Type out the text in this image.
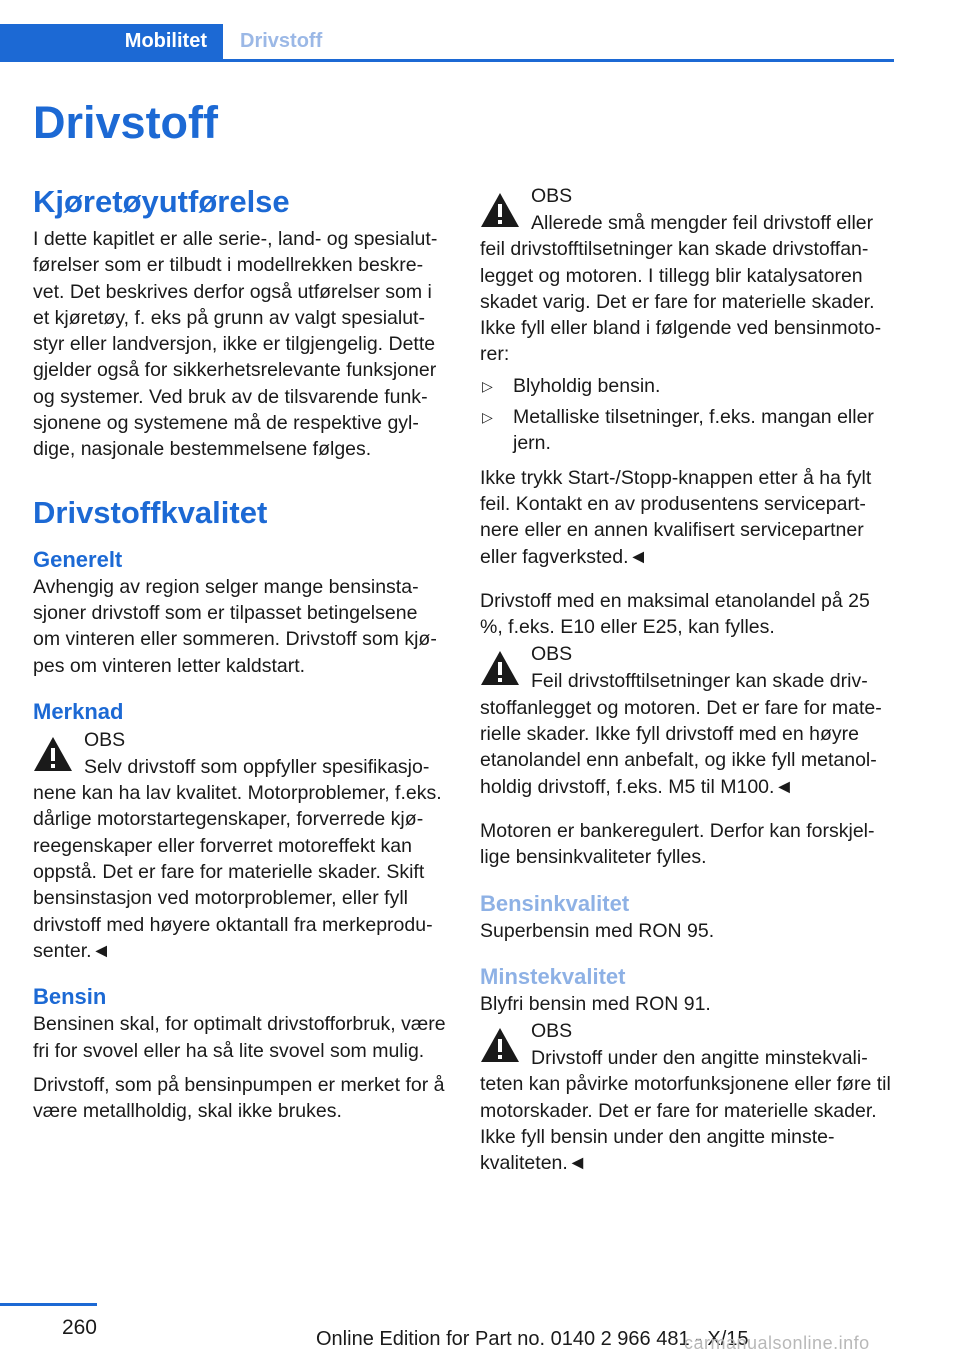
Mobilitet	Drivstoff
Drivstoff
Kjøretøyutførelse

I dette kapitlet er alle serie-, land- og spesialutførelser som er tilbudt i modellrekken beskrevet. Det beskrives derfor også utførelser som i et kjøretøy, f. eks på grunn av valgt spesialutstyr eller landversjon, ikke er tilgjengelig. Dette gjelder også for sikkerhetsrelevante funksjoner og systemer. Ved bruk av de tilsvarende funksjonene og systemene må de respektive gyldige, nasjonale bestemmelsene følges.

Drivstoffkvalitet
Generelt

Avhengig av region selger mange bensinstasjoner drivstoff som er tilpasset betingelsene om vinteren eller sommeren. Drivstoff som kjøpes om vinteren letter kaldstart.

Merknad
OBS

Selv drivstoff som oppfyller spesifikasjonene kan ha lav kvalitet. Motorproblemer, f.eks. dårlige motorstartegenskaper, forverrede kjøreegenskaper eller forverret motoreffekt kan oppstå. Det er fare for materielle skader. Skift bensinstasjon ved motorproblemer, eller fyll drivstoff med høyere oktantall fra merkeprodusenter.◄

Bensin

Bensinen skal, for optimalt drivstofforbruk, være fri for svovel eller ha så lite svovel som mulig.

Drivstoff, som på bensinpumpen er merket for å være metallholdig, skal ikke brukes.

OBS

Allerede små mengder feil drivstoff eller feil drivstofftilsetninger kan skade drivstoffanlegget og motoren. I tillegg blir katalysatoren skadet varig. Det er fare for materielle skader. Ikke fyll eller bland i følgende ved bensinmotorer:

▷ Blyholdig bensin.
▷ Metalliske tilsetninger, f.eks. mangan eller jern.

Ikke trykk Start-/Stopp-knappen etter å ha fylt feil. Kontakt en av produsentens servicepartnere eller en annen kvalifisert servicepartner eller fagverksted.◄

Drivstoff med en maksimal etanolandel på 25 %, f.eks. E10 eller E25, kan fylles.

OBS

Feil drivstofftilsetninger kan skade drivstoffanlegget og motoren. Det er fare for materielle skader. Ikke fyll drivstoff med en høyre etanolandel enn anbefalt, og ikke fyll metanolholdig drivstoff, f.eks. M5 til M100.◄

Motoren er bankeregulert. Derfor kan forskjellige bensinkvaliteter fylles.

Bensinkvalitet

Superbensin med RON 95.

Minstekvalitet

Blyfri bensin med RON 91.

OBS

Drivstoff under den angitte minstekvaliteten kan påvirke motorfunksjonene eller føre til motorskader. Det er fare for materielle skader. Ikke fyll bensin under den angitte minstekvaliteten.◄

260	Online Edition for Part no. 0140 2 966 481 - X/15
carmanualsonline.info
